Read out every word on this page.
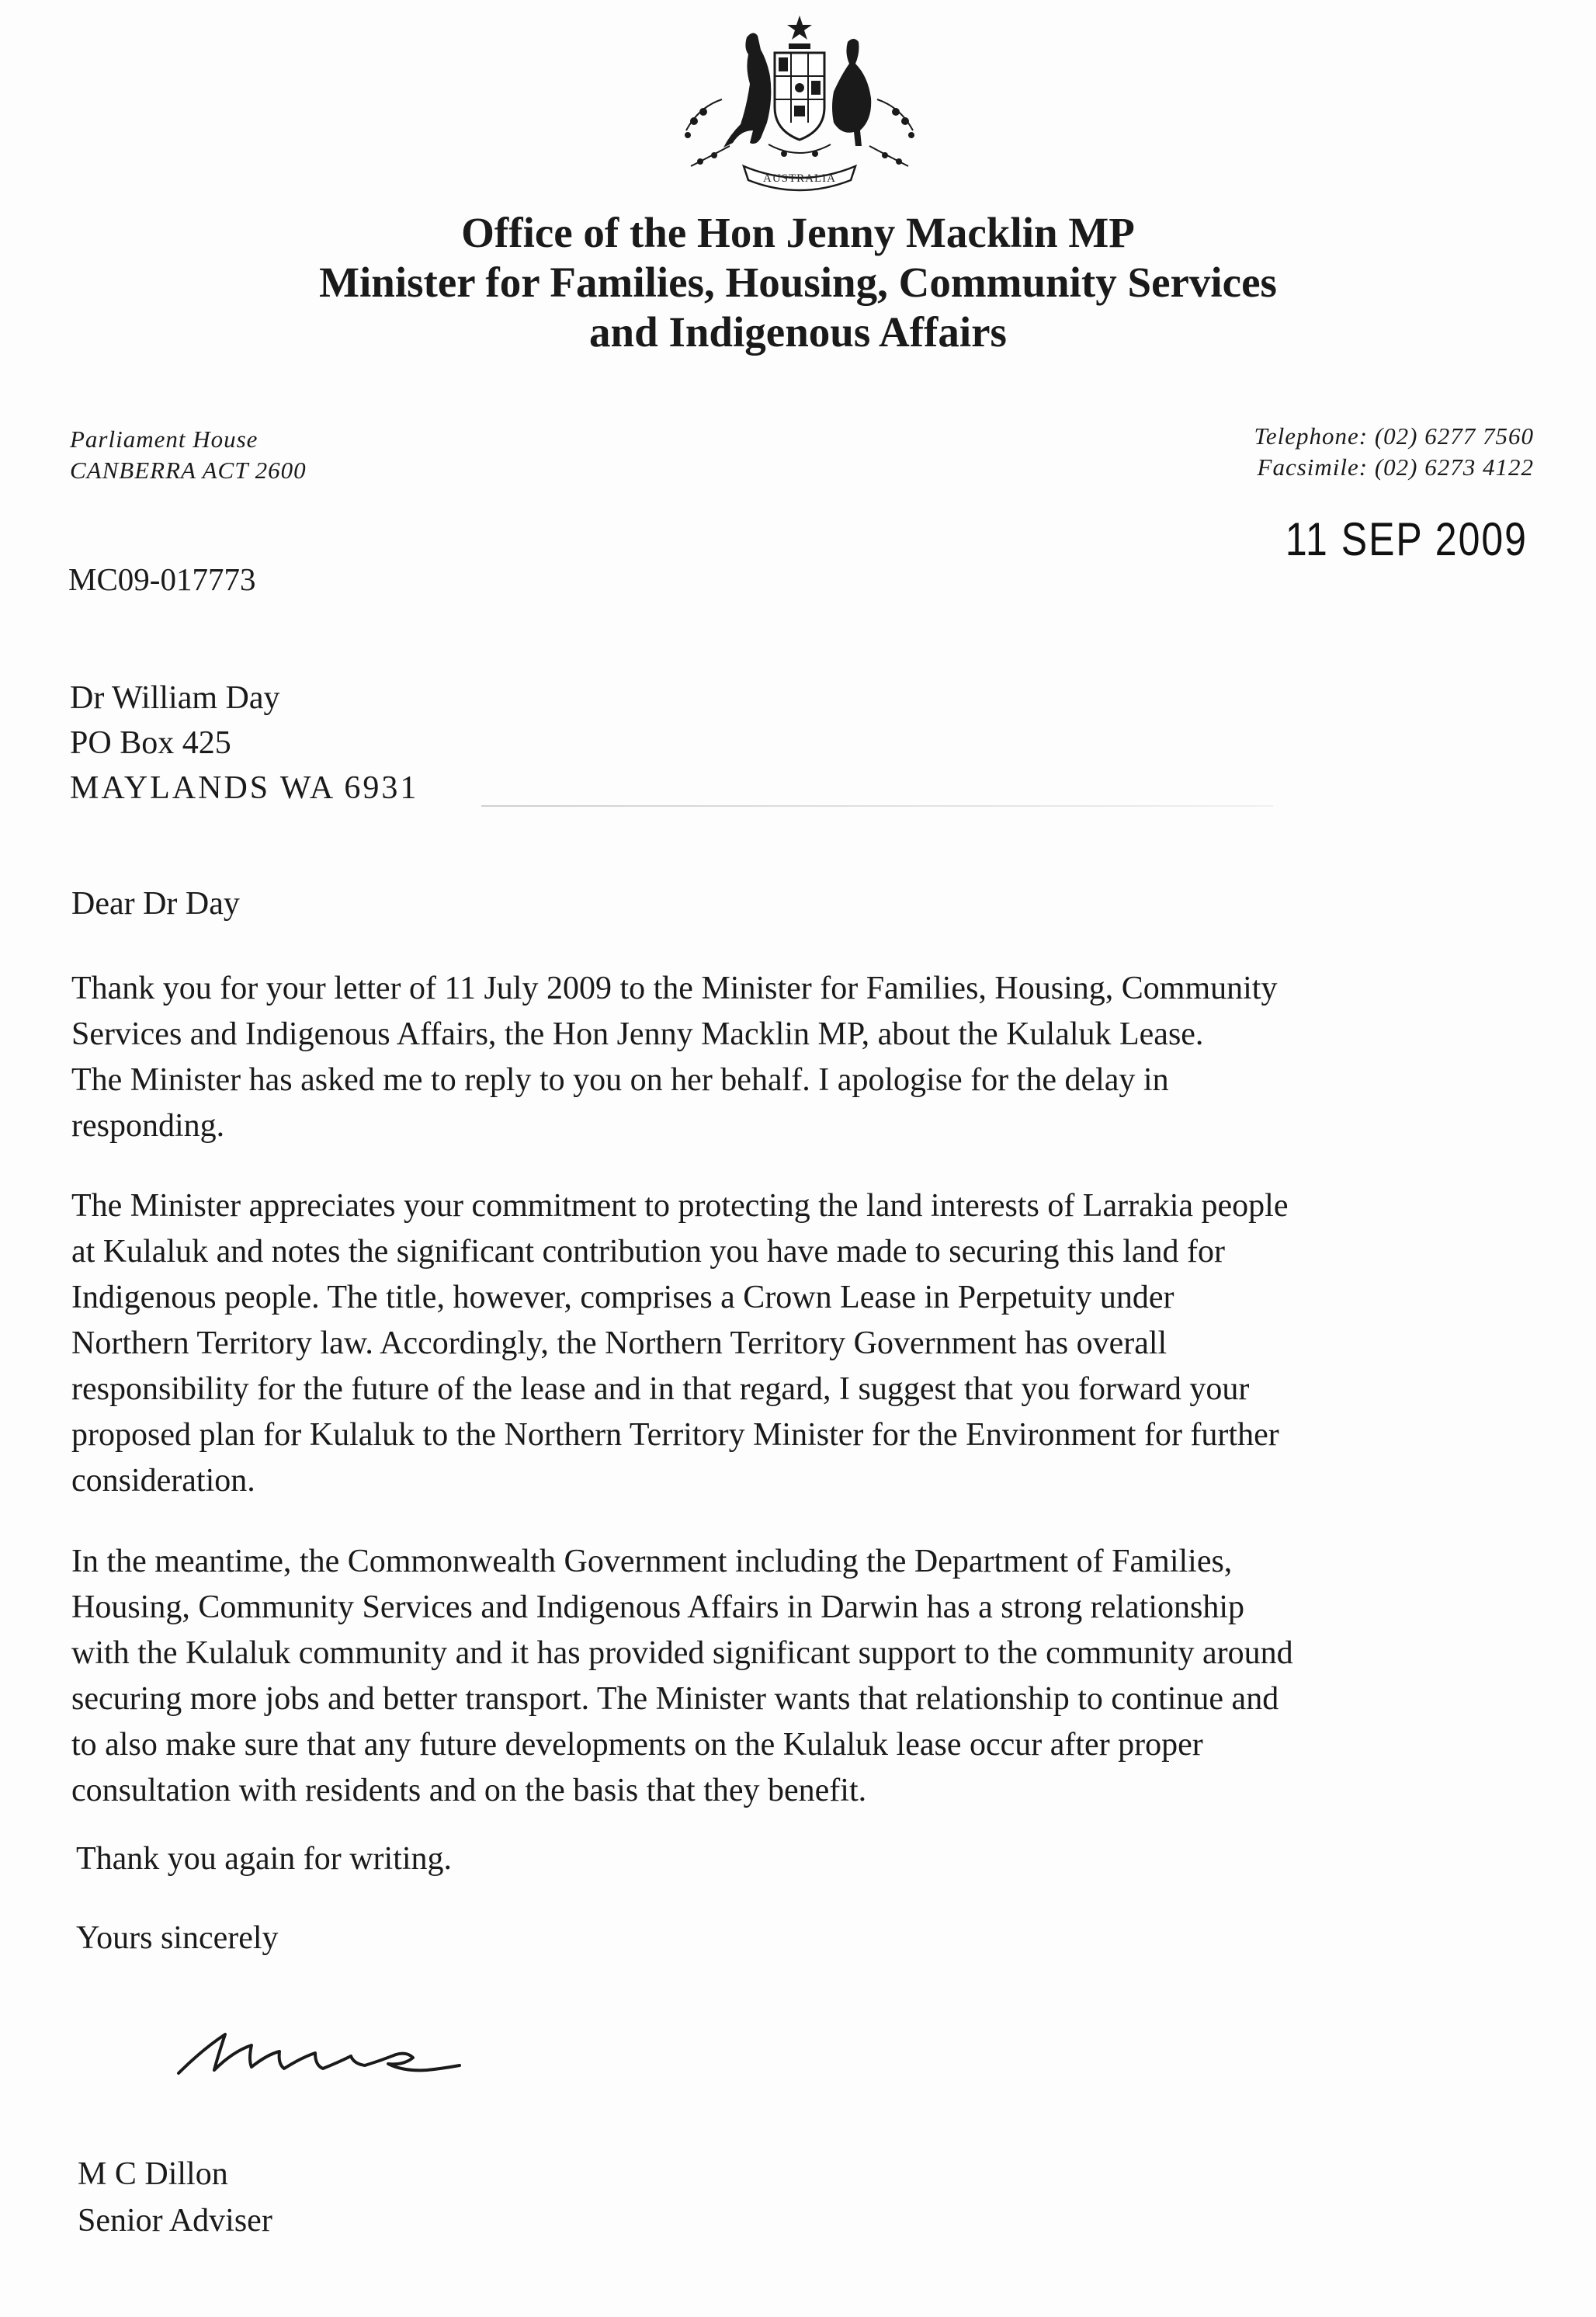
AUSTRALIA
Office of the Hon Jenny Macklin MP
Minister for Families, Housing, Community Services
and Indigenous Affairs
Parliament House
CANBERRA ACT 2600
Telephone: (02) 6277 7560
Facsimile: (02) 6273 4122
11 SEP 2009
MC09-017773
Dr William Day
PO Box 425
MAYLANDS WA 6931
Dear Dr Day

Thank you for your letter of 11 July 2009 to the Minister for Families, Housing, Community
Services and Indigenous Affairs, the Hon Jenny Macklin MP, about the Kulaluk Lease.
The Minister has asked me to reply to you on her behalf. I apologise for the delay in
responding.

The Minister appreciates your commitment to protecting the land interests of Larrakia people
at Kulaluk and notes the significant contribution you have made to securing this land for
Indigenous people. The title, however, comprises a Crown Lease in Perpetuity under
Northern Territory law. Accordingly, the Northern Territory Government has overall
responsibility for the future of the lease and in that regard, I suggest that you forward your
proposed plan for Kulaluk to the Northern Territory Minister for the Environment for further
consideration.

In the meantime, the Commonwealth Government including the Department of Families,
Housing, Community Services and Indigenous Affairs in Darwin has a strong relationship
with the Kulaluk community and it has provided significant support to the community around
securing more jobs and better transport. The Minister wants that relationship to continue and
to also make sure that any future developments on the Kulaluk lease occur after proper
consultation with residents and on the basis that they benefit.

Thank you again for writing.
Yours sincerely
M C Dillon
Senior Adviser
